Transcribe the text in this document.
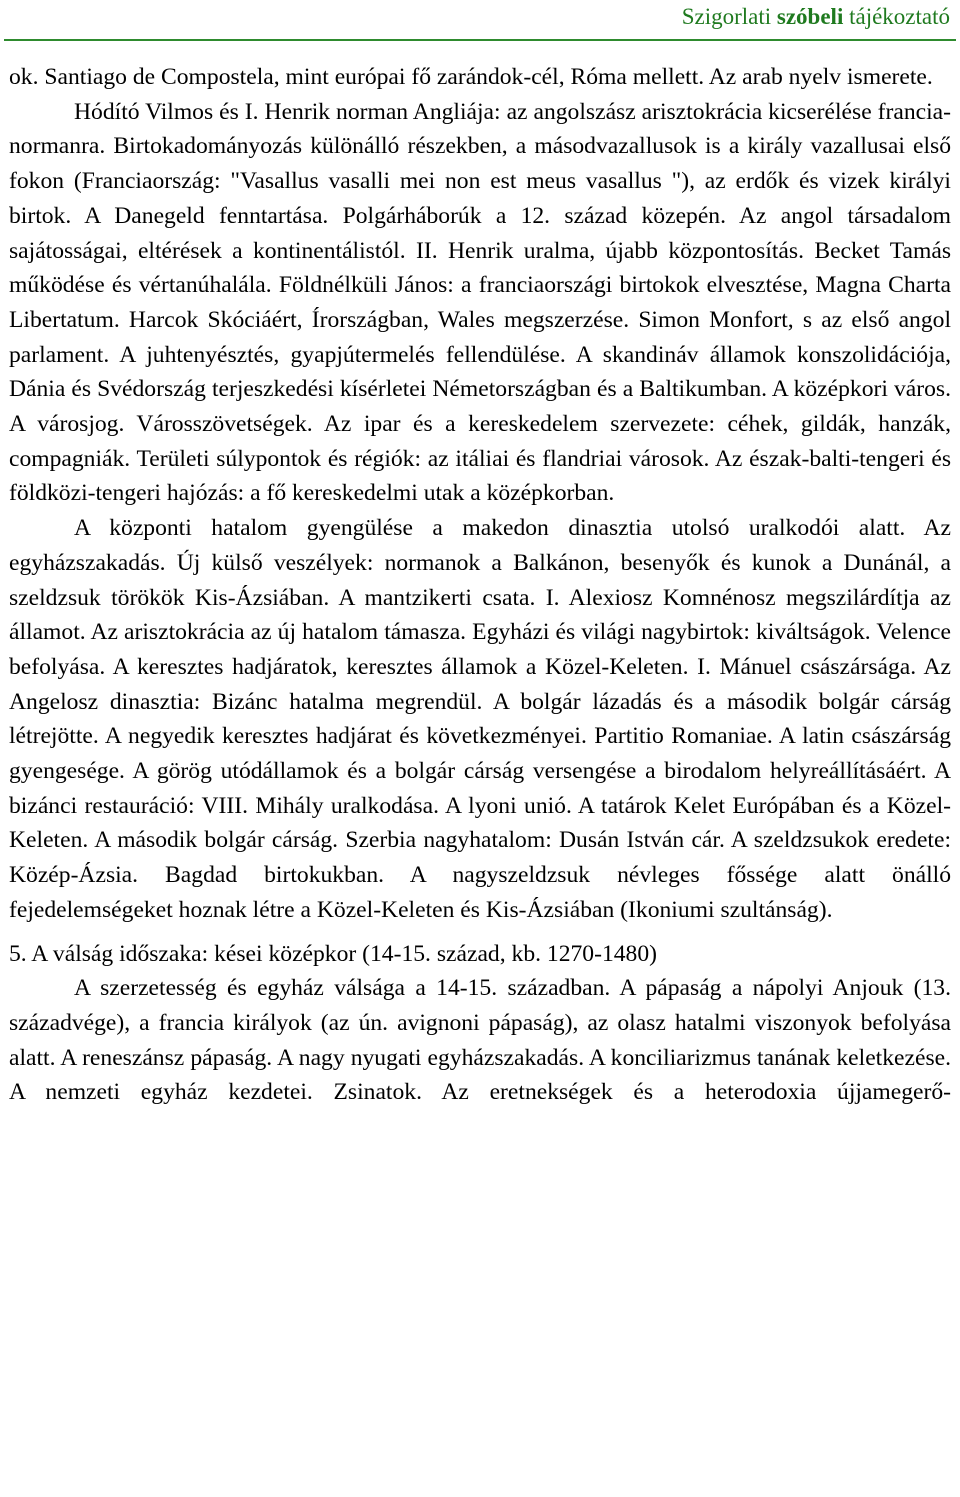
Szigorlati szóbeli tájékoztató

ok. Santiago de Compostela, mint európai fő zarándok-cél, Róma mellett. Az arab nyelv ismerete.

Hódító Vilmos és I. Henrik norman Angliája: az angolszász arisztokrácia kicserélése francia-normanra. Birtokadományozás különálló részekben, a másodvazallusok is a király vazallusai első fokon (Franciaország: "Vasallus vasalli mei non est meus vasallus "), az erdők és vizek királyi birtok. A Danegeld fenntartása. Polgárháborúk a 12. század közepén. Az angol társadalom sajátosságai, eltérések a kontinentálistól. II. Henrik uralma, újabb központosítás. Becket Tamás működése és vértanúhalála. Földnélküli János: a franciaországi birtokok elvesztése, Magna Charta Libertatum. Harcok Skóciáért, Írországban, Wales megszerzése. Simon Monfort, s az első angol parlament. A juhtenyésztés, gyapjútermelés fellendülése. A skandináv államok konszolidációja, Dánia és Svédország terjeszkedési kísérletei Németországban és a Baltikumban. A középkori város. A városjog. Városszövetségek. Az ipar és a kereskedelem szervezete: céhek, gildák, hanzák, compagniák. Területi súlypontok és régiók: az itáliai és flandriai városok. Az észak-balti-tengeri és földközi-tengeri hajózás: a fő kereskedelmi utak a középkorban.

A központi hatalom gyengülése a makedon dinasztia utolsó uralkodói alatt. Az egyházszakadás. Új külső veszélyek: normanok a Balkánon, besenyők és kunok a Dunánál, a szeldzsuk törökök Kis-Ázsiában. A mantzikerti csata. I. Alexiosz Komnénosz megszilárdítja az államot. Az arisztokrácia az új hatalom támasza. Egyházi és világi nagybirtok: kiváltságok. Velence befolyása. A keresztes hadjáratok, keresztes államok a Közel-Keleten. I. Mánuel császársága. Az Angelosz dinasztia: Bizánc hatalma megrendül. A bolgár lázadás és a második bolgár cárság létrejötte. A negyedik keresztes hadjárat és következményei. Partitio Romaniae. A latin császárság gyengesége. A görög utódállamok és a bolgár cárság versengése a birodalom helyreállításáért. A bizánci restauráció: VIII. Mihály uralkodása. A lyoni unió. A tatárok Kelet Európában és a Közel-Keleten. A második bolgár cárság. Szerbia nagyhatalom: Dusán István cár. A szeldzsukok eredete: Közép-Ázsia. Bagdad birtokukban. A nagyszeldzsuk névleges főssége alatt önálló fejedelemségeket hoznak létre a Közel-Keleten és Kis-Ázsiában (Ikoniumi szultánság).

5. A válság időszaka: kései középkor (14-15. század, kb. 1270-1480)

A szerzetesség és egyház válsága a 14-15. században. A pápaság a nápolyi Anjouk (13. századvége), a francia királyok (az ún. avignoni pápaság), az olasz hatalmi viszonyok befolyása alatt. A reneszánsz pápaság. A nagy nyugati egyházszakadás. A konciliarizmus tanának keletkezése. A nemzeti egyház kezdetei. Zsinatok. Az eretnekségek és a heterodoxia újjamegerő-
